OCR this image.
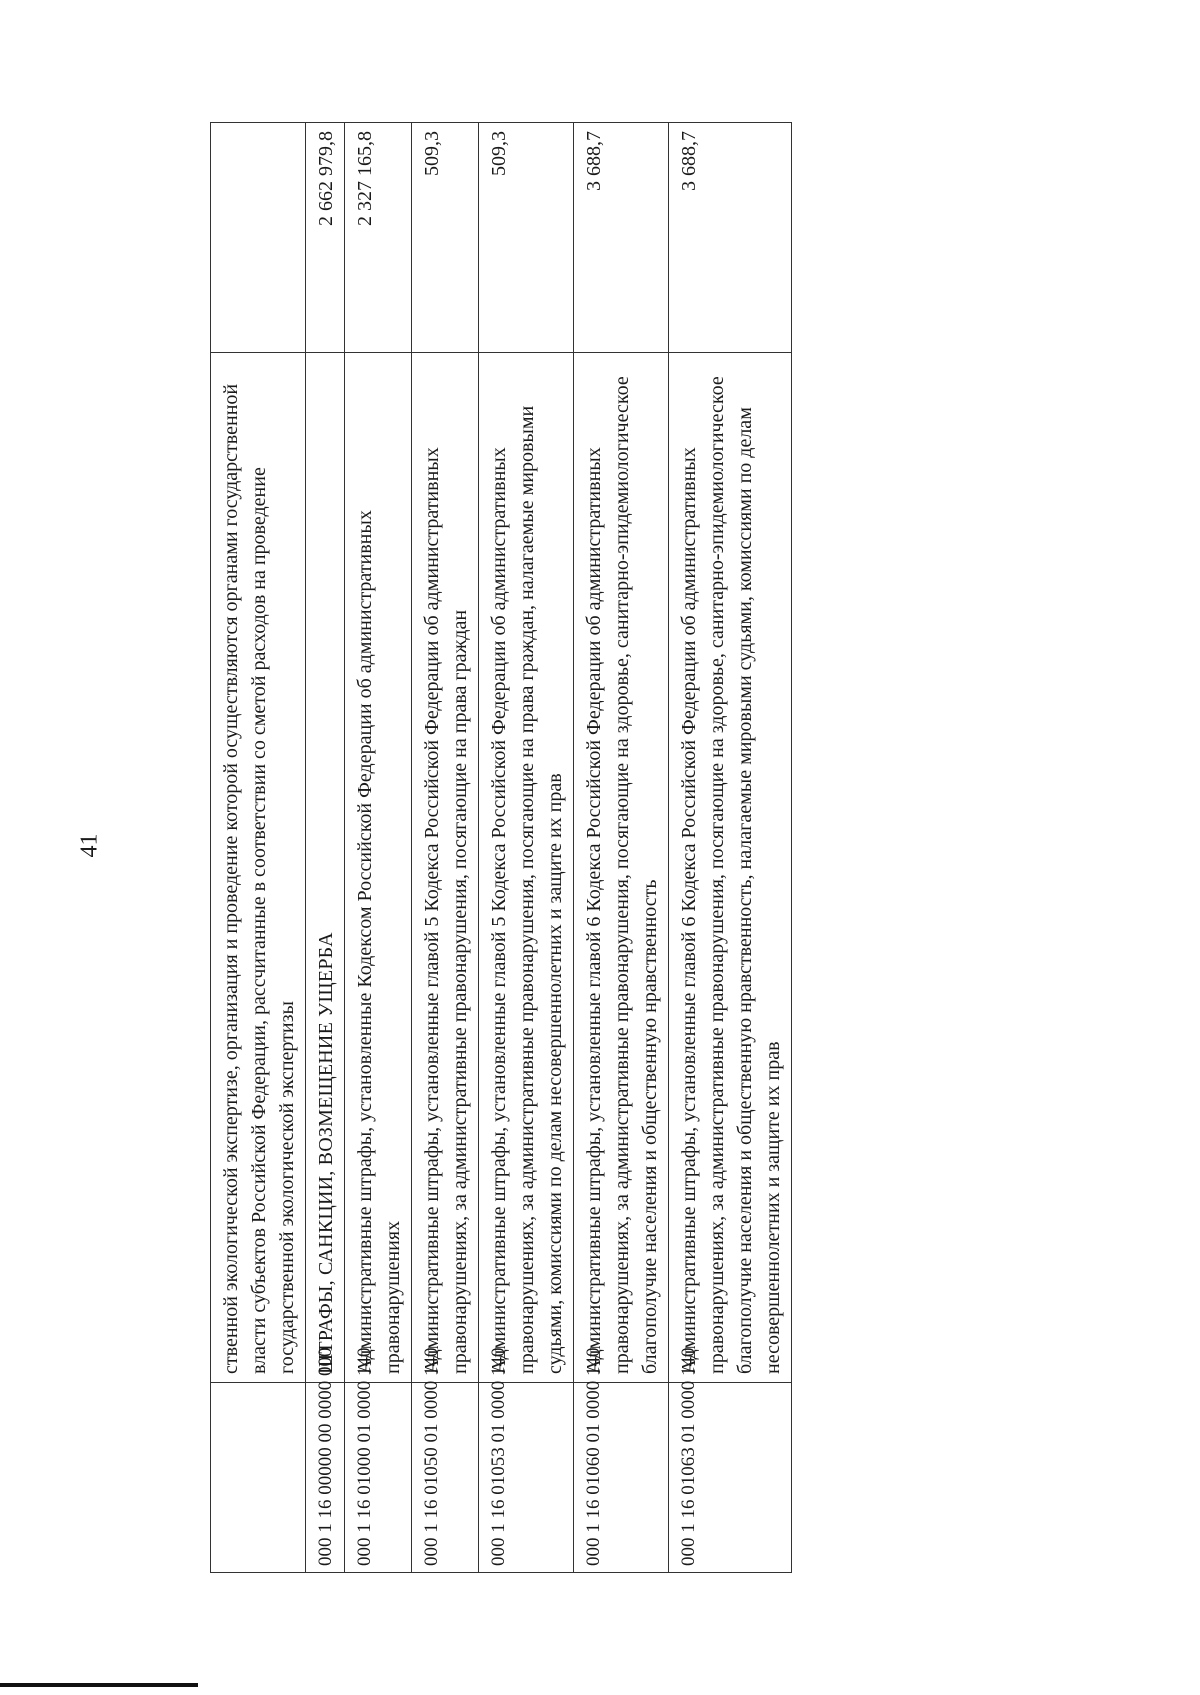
41
		ственной экологической экспертизе, организация и проведение которой осуществляются органами государственной власти субъектов Российской Федерации, рассчитанные в соответствии со сметой расходов на проведение государственной экологической экспертизы	
000 1 16 00000 00 0000 000	ШТРАФЫ, САНКЦИИ, ВОЗМЕЩЕНИЕ УЩЕРБА	2 662 979,8
000 1 16 01000 01 0000 140	Административные штрафы, установленные Кодексом Российской Федерации об административных правонарушениях	2 327 165,8
000 1 16 01050 01 0000 140	Административные штрафы, установленные главой 5 Кодекса Российской Федерации об административных правонарушениях, за административные правонарушения, посягающие на права граждан	509,3
000 1 16 01053 01 0000 140	Административные штрафы, установленные главой 5 Кодекса Российской Федерации об административных правонарушениях, за административные правонарушения, посягающие на права граждан, налагаемые мировыми судьями, комиссиями по делам несовершеннолетних и защите их прав	509,3
000 1 16 01060 01 0000 140	Административные штрафы, установленные главой 6 Кодекса Российской Федерации об административных правонарушениях, за административные правонарушения, посягающие на здоровье, санитарно-эпидемиологическое благополучие населения и общественную нравственность	3 688,7
000 1 16 01063 01 0000 140	Административные штрафы, установленные главой 6 Кодекса Российской Федерации об административных правонарушениях, за административные правонарушения, посягающие на здоровье, санитарно-эпидемиологическое благополучие населения и общественную нравственность, налагаемые мировыми судьями, комиссиями по делам несовершеннолетних и защите их прав	3 688,7
